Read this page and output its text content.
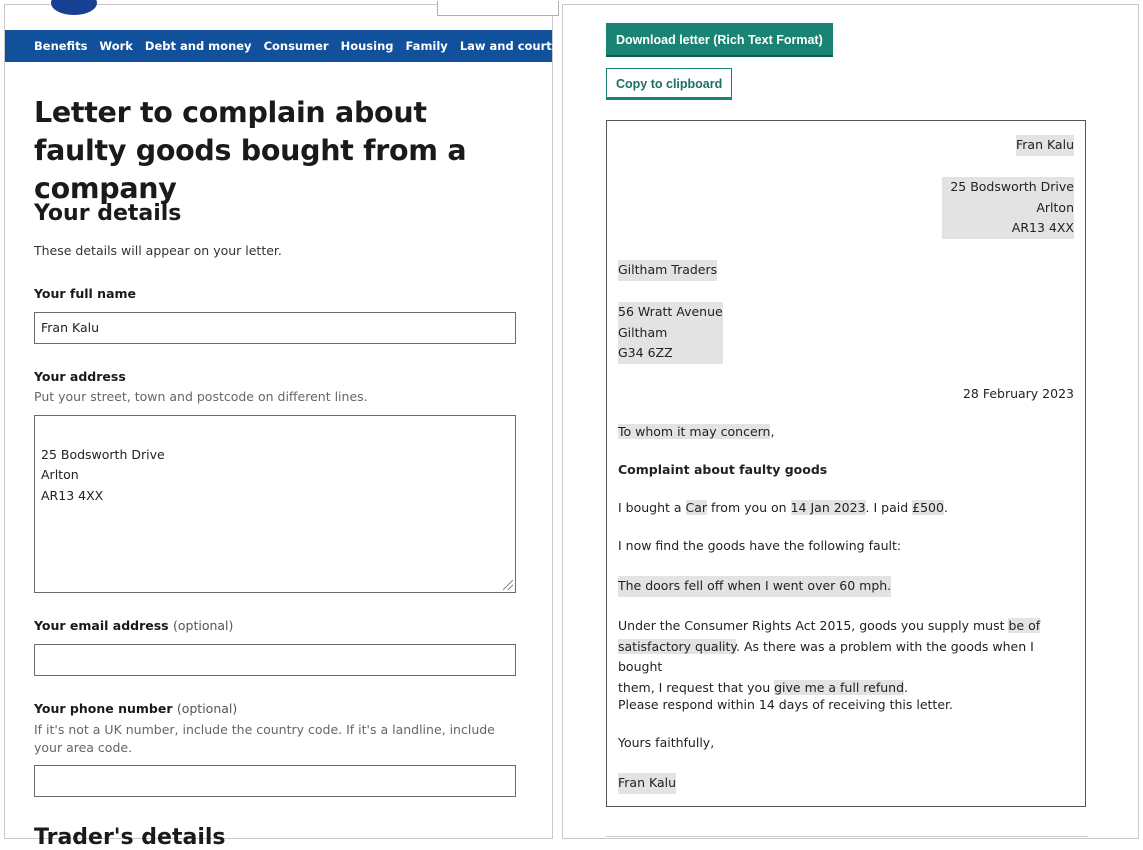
Benefits Work Debt and money Consumer Housing Family Law and courts
Letter to complain about faulty goods bought from a company
Your details
These details will appear on your letter.
Your full name
Fran Kalu
Your address
Put your street, town and postcode on different lines.

25 Bodsworth Drive
Arlton
AR13 4XX

Your email address (optional)
Your phone number (optional)
If it's not a UK number, include the country code. If it's a landline, include your area code.
Trader's details
Download letter (Rich Text Format)
Copy to clipboard
Fran Kalu
25 Bodsworth Drive
Arlton
AR13 4XX
Giltham Traders
56 Wratt Avenue
Giltham
G34 6ZZ
28 February 2023
To whom it may concern,
Complaint about faulty goods
I bought a Car from you on 14 Jan 2023. I paid £500.
I now find the goods have the following fault:
The doors fell off when I went over 60 mph.
Under the Consumer Rights Act 2015, goods you supply must be of
satisfactory quality. As there was a problem with the goods when I bought
them, I request that you give me a full refund.
Please respond within 14 days of receiving this letter.
Yours faithfully,
Fran Kalu
